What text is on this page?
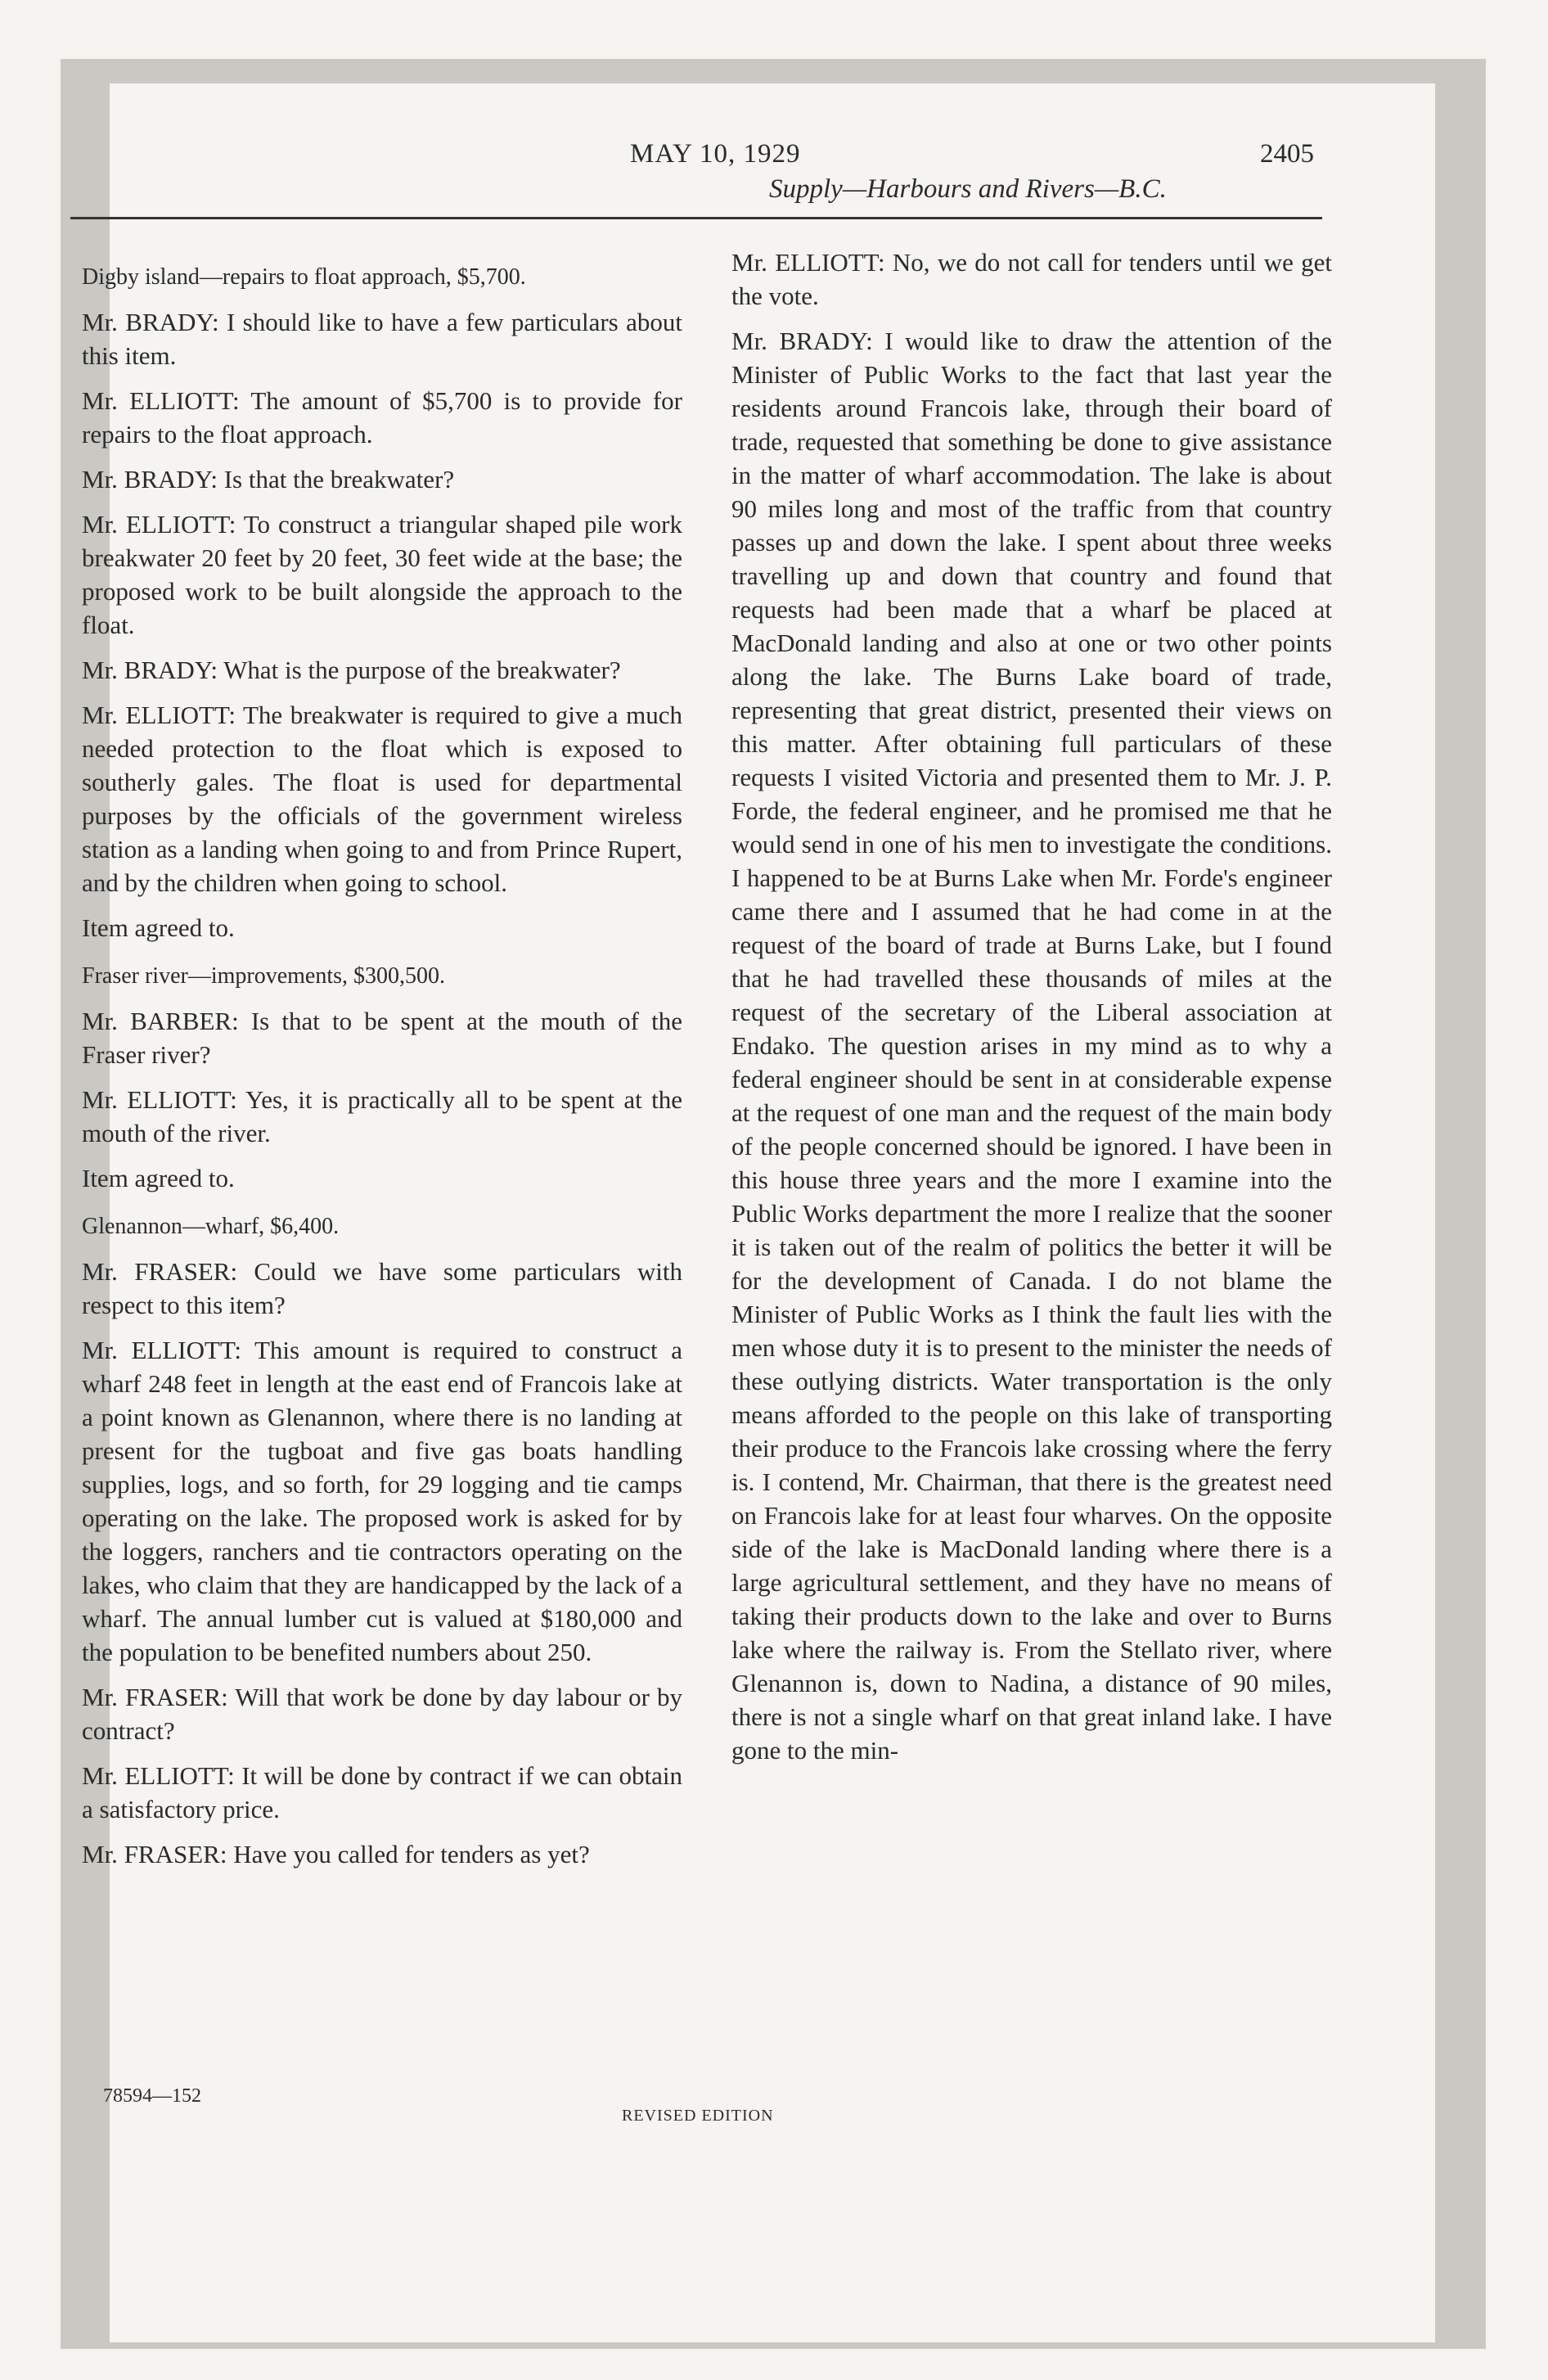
MAY 10, 1929	2405
Supply—Harbours and Rivers—B.C.

Digby island—repairs to float approach, $5,700.

Mr. BRADY: I should like to have a few particulars about this item.

Mr. ELLIOTT: The amount of $5,700 is to provide for repairs to the float approach.

Mr. BRADY: Is that the breakwater?

Mr. ELLIOTT: To construct a triangular shaped pile work breakwater 20 feet by 20 feet, 30 feet wide at the base; the proposed work to be built alongside the approach to the float.

Mr. BRADY: What is the purpose of the breakwater?

Mr. ELLIOTT: The breakwater is required to give a much needed protection to the float which is exposed to southerly gales. The float is used for departmental purposes by the officials of the government wireless station as a landing when going to and from Prince Rupert, and by the children when going to school.

Item agreed to.

Fraser river—improvements, $300,500.

Mr. BARBER: Is that to be spent at the mouth of the Fraser river?

Mr. ELLIOTT: Yes, it is practically all to be spent at the mouth of the river.

Item agreed to.

Glenannon—wharf, $6,400.

Mr. FRASER: Could we have some particulars with respect to this item?

Mr. ELLIOTT: This amount is required to construct a wharf 248 feet in length at the east end of Francois lake at a point known as Glenannon, where there is no landing at present for the tugboat and five gas boats handling supplies, logs, and so forth, for 29 logging and tie camps operating on the lake. The proposed work is asked for by the loggers, ranchers and tie contractors operating on the lakes, who claim that they are handicapped by the lack of a wharf. The annual lumber cut is valued at $180,000 and the population to be benefited numbers about 250.

Mr. FRASER: Will that work be done by day labour or by contract?

Mr. ELLIOTT: It will be done by contract if we can obtain a satisfactory price.

Mr. FRASER: Have you called for tenders as yet?

Mr. ELLIOTT: No, we do not call for tenders until we get the vote.

Mr. BRADY: I would like to draw the attention of the Minister of Public Works to the fact that last year the residents around Francois lake, through their board of trade, requested that something be done to give assistance in the matter of wharf accommodation. The lake is about 90 miles long and most of the traffic from that country passes up and down the lake. I spent about three weeks travelling up and down that country and found that requests had been made that a wharf be placed at MacDonald landing and also at one or two other points along the lake. The Burns Lake board of trade, representing that great district, presented their views on this matter. After obtaining full particulars of these requests I visited Victoria and presented them to Mr. J. P. Forde, the federal engineer, and he promised me that he would send in one of his men to investigate the conditions. I happened to be at Burns Lake when Mr. Forde's engineer came there and I assumed that he had come in at the request of the board of trade at Burns Lake, but I found that he had travelled these thousands of miles at the request of the secretary of the Liberal association at Endako. The question arises in my mind as to why a federal engineer should be sent in at considerable expense at the request of one man and the request of the main body of the people concerned should be ignored. I have been in this house three years and the more I examine into the Public Works department the more I realize that the sooner it is taken out of the realm of politics the better it will be for the development of Canada. I do not blame the Minister of Public Works as I think the fault lies with the men whose duty it is to present to the minister the needs of these outlying districts. Water transportation is the only means afforded to the people on this lake of transporting their produce to the Francois lake crossing where the ferry is. I contend, Mr. Chairman, that there is the greatest need on Francois lake for at least four wharves. On the opposite side of the lake is MacDonald landing where there is a large agricultural settlement, and they have no means of taking their products down to the lake and over to Burns lake where the railway is. From the Stellato river, where Glenannon is, down to Nadina, a distance of 90 miles, there is not a single wharf on that great inland lake. I have gone to the min-

78594—152
REVISED EDITION
